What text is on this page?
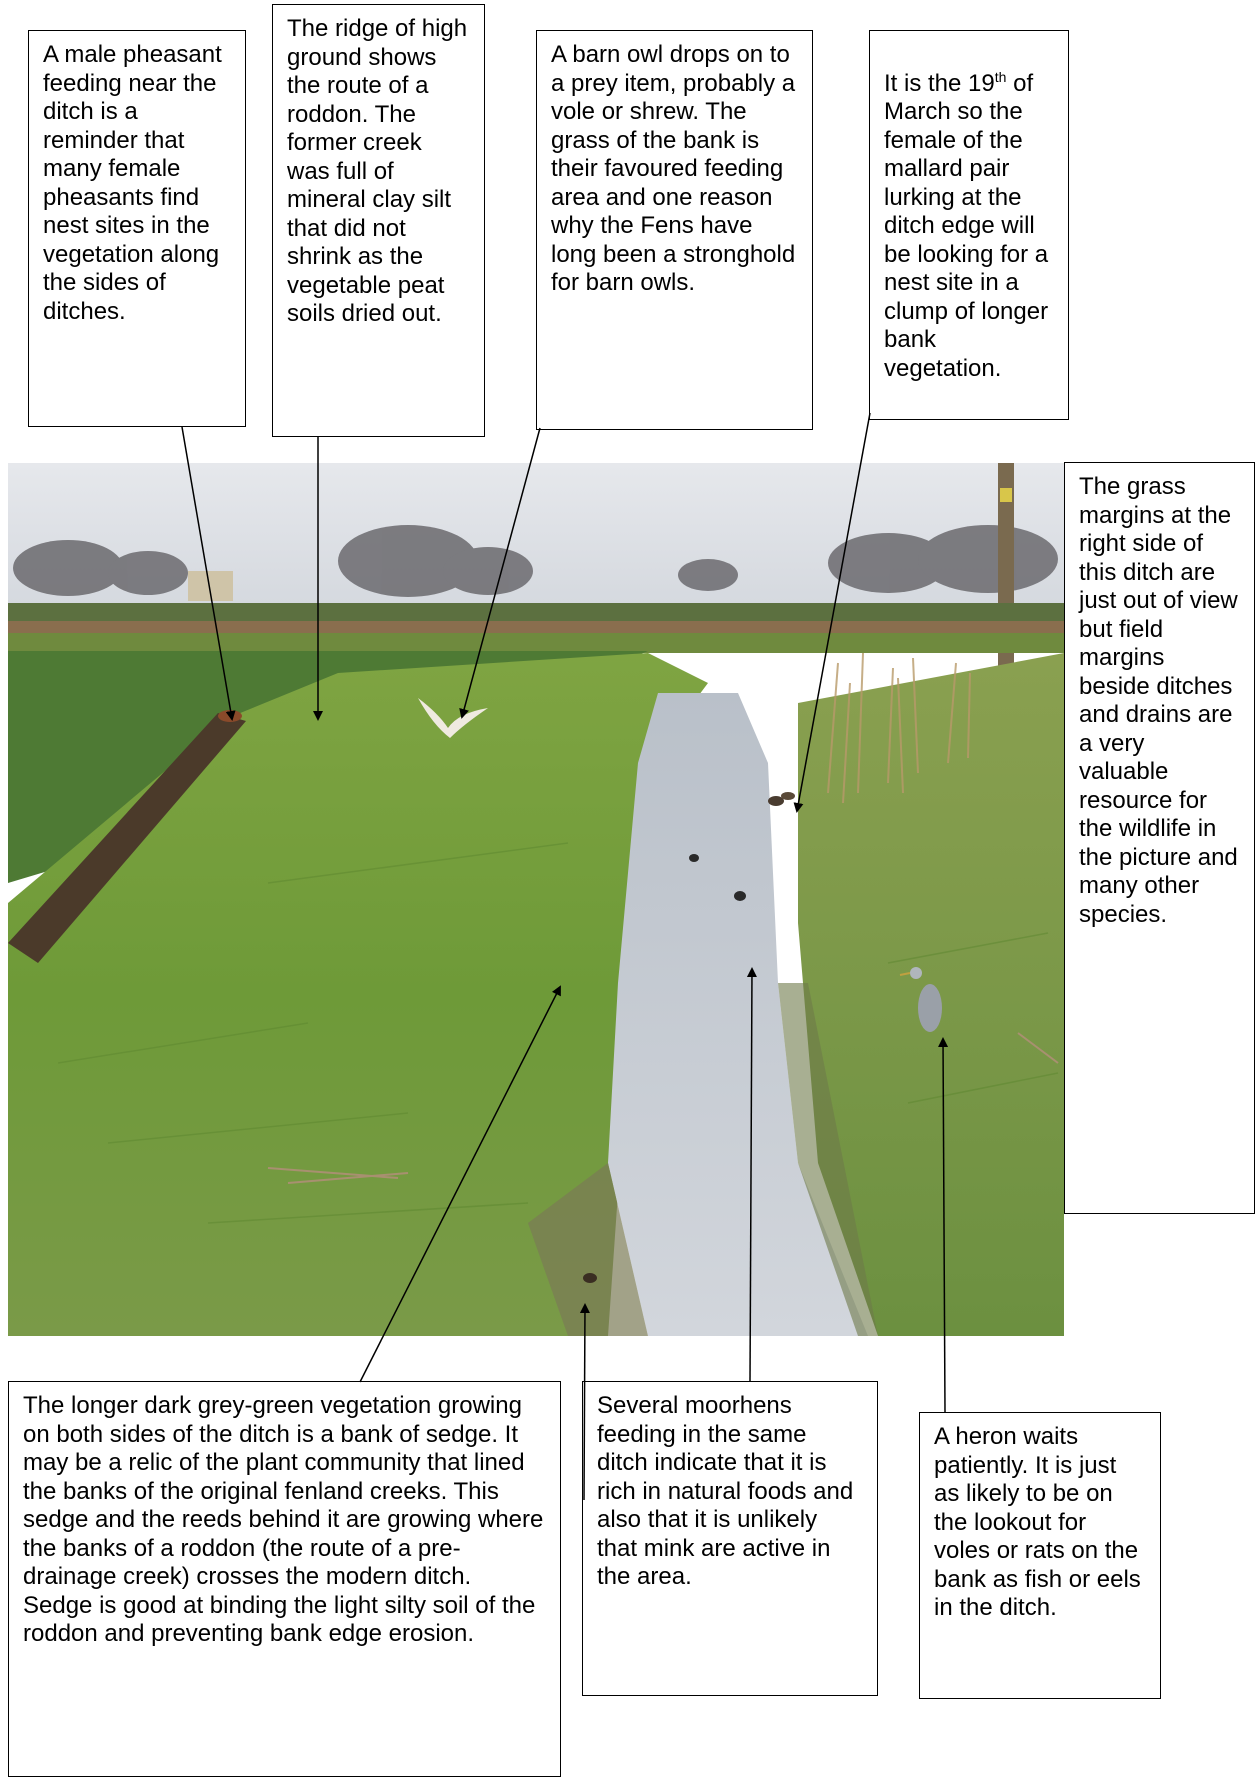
A male pheasant feeding near the ditch is a reminder that many female pheasants find nest sites in the vegetation along the sides of ditches.
The ridge of high ground shows the route of a roddon. The former creek was full of mineral clay silt that did not shrink as the vegetable peat soils dried out.
A barn owl drops on to a prey item, probably a vole or shrew. The grass of the bank is their favoured feeding area and one reason why the Fens have long been a stronghold for barn owls.

It is the 19th of March so the female of the mallard pair lurking at the ditch edge will be looking for a nest site in a clump of longer bank vegetation.

The grass margins at the right side of this ditch are just out of view but field margins beside ditches and drains are a very valuable resource for the wildlife in the picture and many other species.
The longer dark grey-green vegetation growing on both sides of the ditch is a bank of sedge. It may be a relic of the plant community that lined the banks of the original fenland creeks. This sedge and the reeds behind it are growing where the banks of a roddon (the route of a pre-drainage creek) crosses the modern ditch. Sedge is good at binding the light silty soil of the roddon and preventing bank edge erosion.
Several moorhens feeding in the same ditch indicate that it is rich in natural foods and also that it is unlikely that mink are active in the area.
A heron waits patiently. It is just as likely to be on the lookout for voles or rats on the bank as fish or eels in the ditch.
